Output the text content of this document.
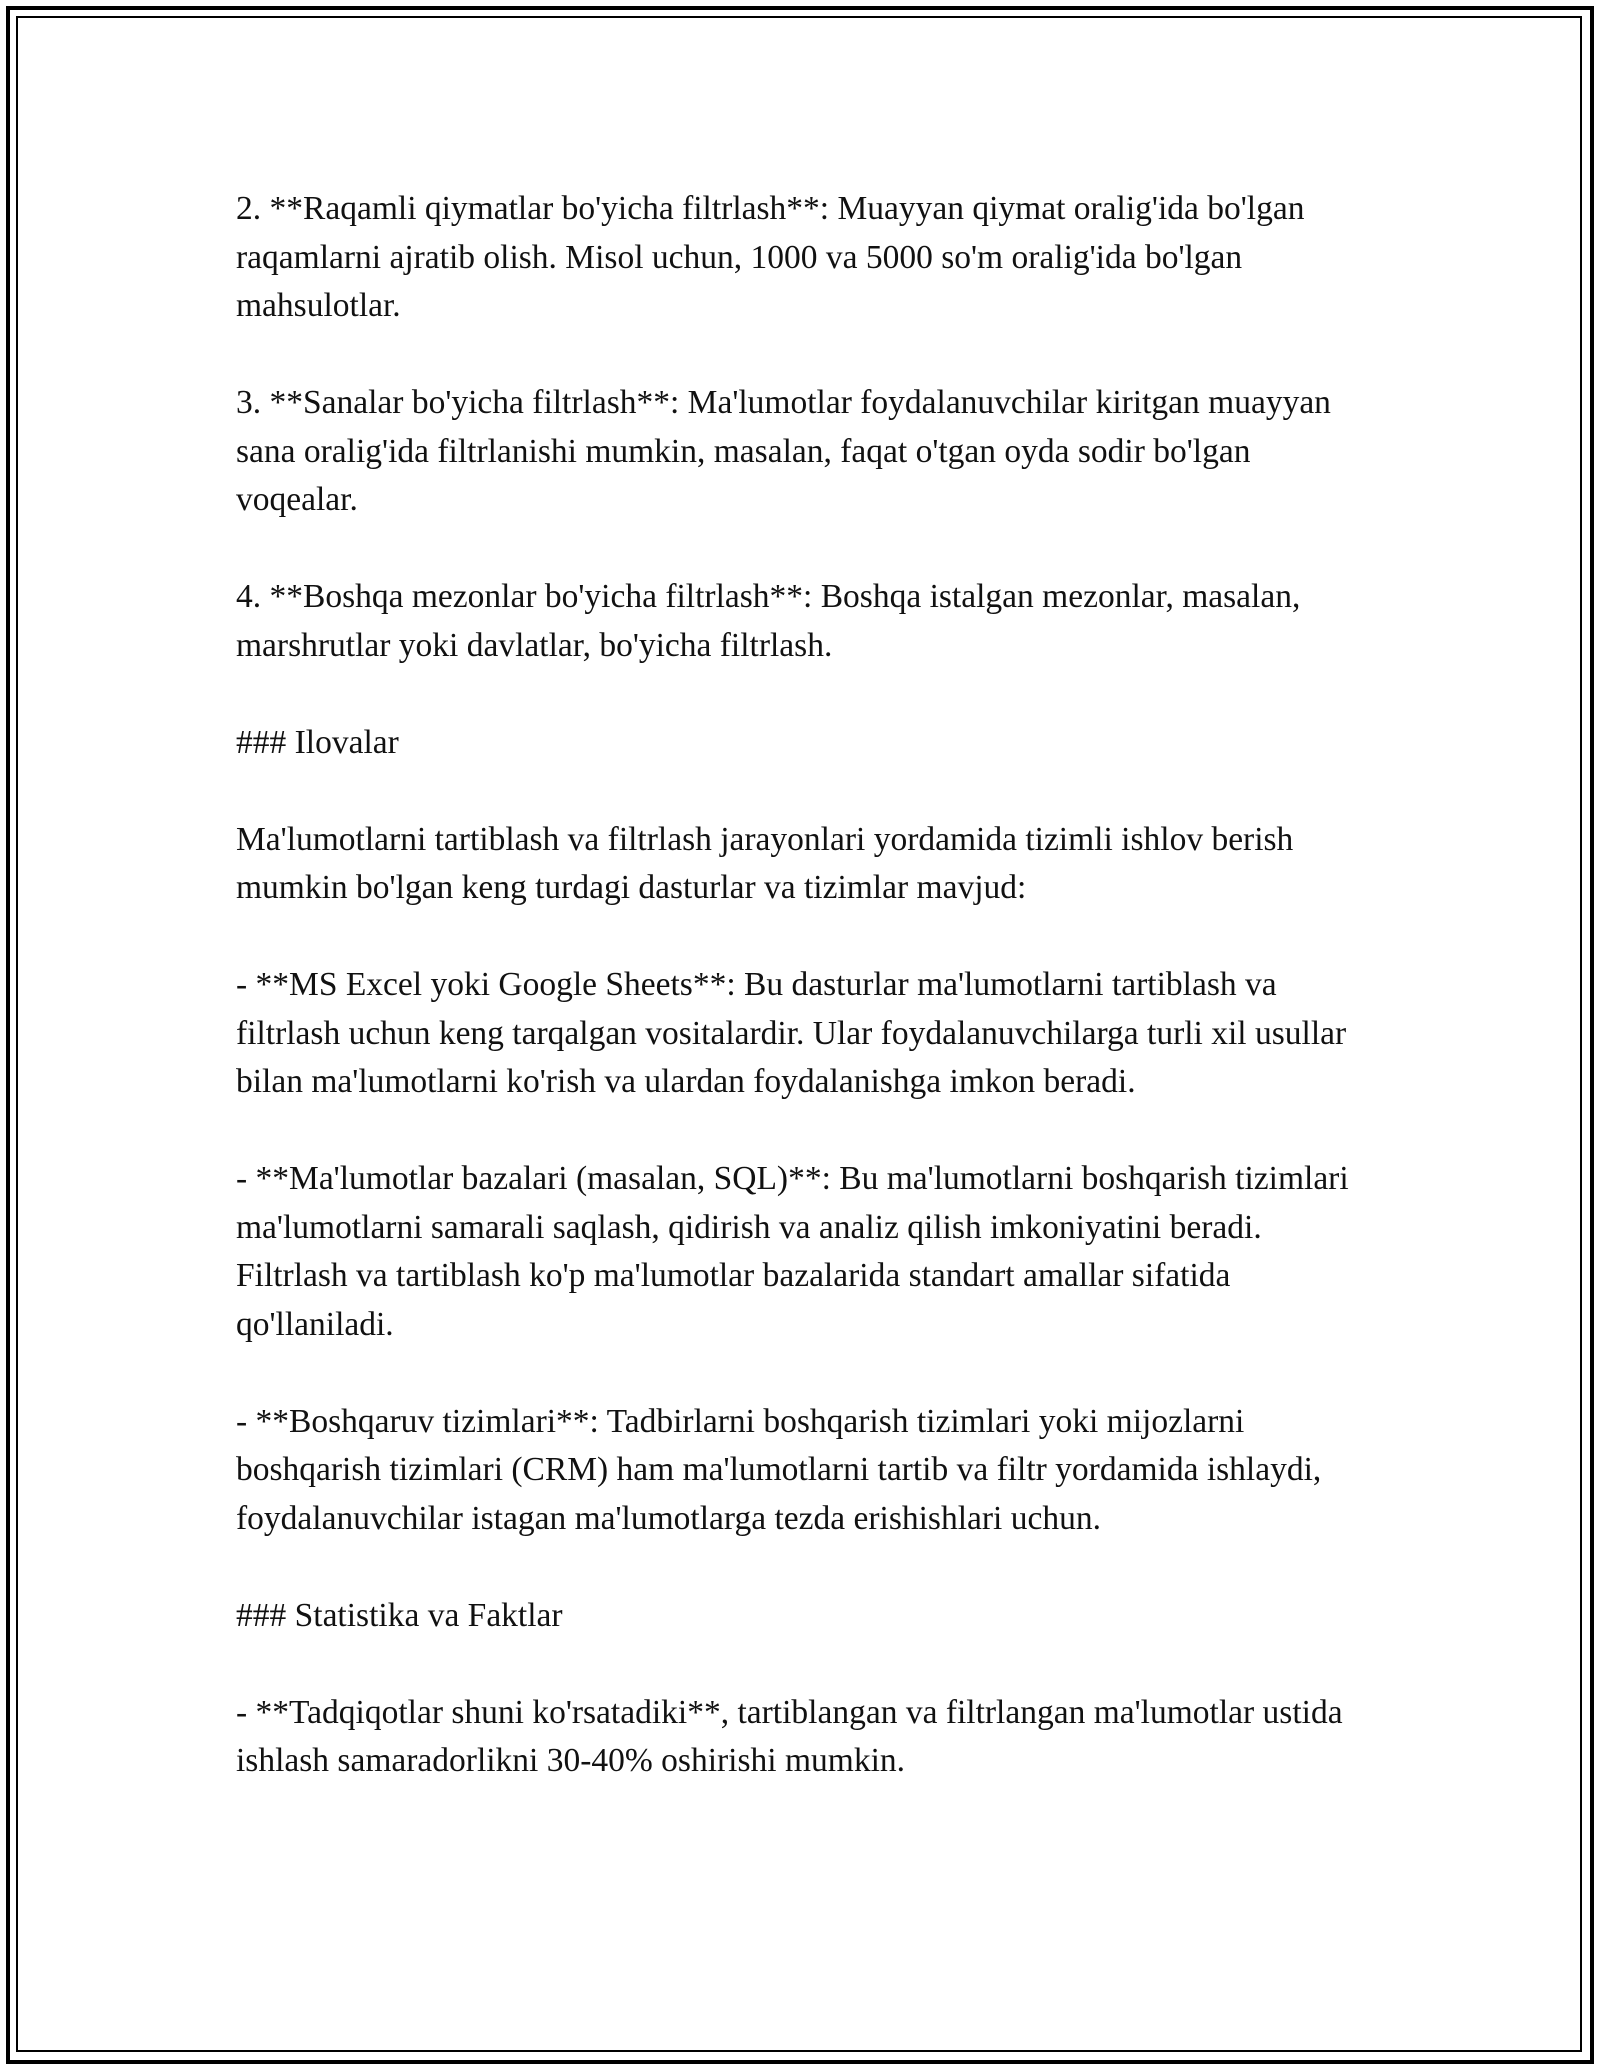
2. **Raqamli qiymatlar bo'yicha filtrlash**: Muayyan qiymat oralig'ida bo'lgan raqamlarni ajratib olish. Misol uchun, 1000 va 5000 so'm oralig'ida bo'lgan mahsulotlar.

3. **Sanalar bo'yicha filtrlash**: Ma'lumotlar foydalanuvchilar kiritgan muayyan sana oralig'ida filtrlanishi mumkin, masalan, faqat o'tgan oyda sodir bo'lgan voqealar.

4. **Boshqa mezonlar bo'yicha filtrlash**: Boshqa istalgan mezonlar, masalan, marshrutlar yoki davlatlar, bo'yicha filtrlash.

### Ilovalar

Ma'lumotlarni tartiblash va filtrlash jarayonlari yordamida tizimli ishlov berish mumkin bo'lgan keng turdagi dasturlar va tizimlar mavjud:

- **MS Excel yoki Google Sheets**: Bu dasturlar ma'lumotlarni tartiblash va filtrlash uchun keng tarqalgan vositalardir. Ular foydalanuvchilarga turli xil usullar bilan ma'lumotlarni ko'rish va ulardan foydalanishga imkon beradi.

- **Ma'lumotlar bazalari (masalan, SQL)**: Bu ma'lumotlarni boshqarish tizimlari ma'lumotlarni samarali saqlash, qidirish va analiz qilish imkoniyatini beradi. Filtrlash va tartiblash ko'p ma'lumotlar bazalarida standart amallar sifatida qo'llaniladi.

- **Boshqaruv tizimlari**: Tadbirlarni boshqarish tizimlari yoki mijozlarni boshqarish tizimlari (CRM) ham ma'lumotlarni tartib va filtr yordamida ishlaydi, foydalanuvchilar istagan ma'lumotlarga tezda erishishlari uchun.

### Statistika va Faktlar

- **Tadqiqotlar shuni ko'rsatadiki**, tartiblangan va filtrlangan ma'lumotlar ustida ishlash samaradorlikni 30-40% oshirishi mumkin.
